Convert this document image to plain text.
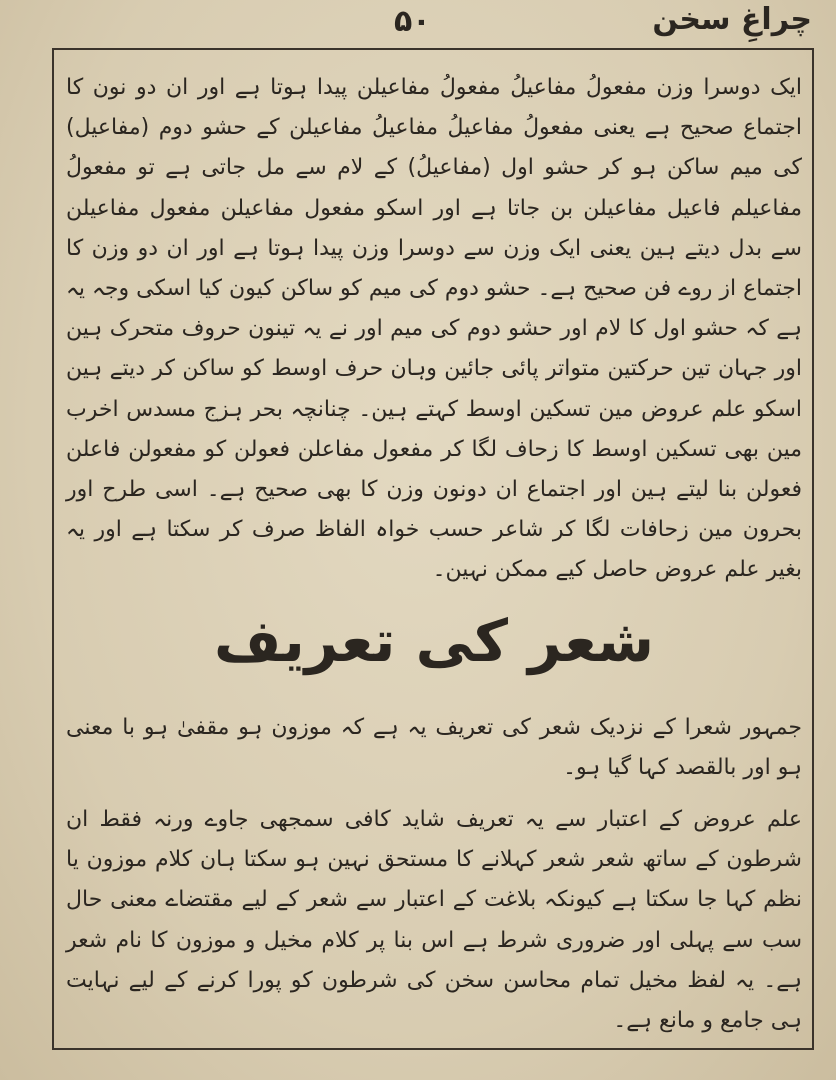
۵۰	چراغِ سخن

ایک دوسرا وزن مفعولُ مفاعیلُ مفعولُ مفاعیلن پیدا ہوتا ہے اور ان دو نون کا اجتماع صحیح ہے یعنی مفعولُ مفاعیلُ مفاعیلُ مفاعیلن کے حشو دوم (مفاعیل) کی میم ساکن ہو کر حشو اول (مفاعیلُ) کے لام سے مل جاتی ہے تو مفعولُ مفاعیلم فاعیل مفاعیلن بن جاتا ہے اور اسکو مفعول مفاعیلن مفعول مفاعیلن سے بدل دیتے ہین یعنی ایک وزن سے دوسرا وزن پیدا ہوتا ہے اور ان دو وزن کا اجتماع از روے فن صحیح ہے۔ حشو دوم کی میم کو ساکن کیون کیا اسکی وجہ یہ ہے کہ حشو اول کا لام اور حشو دوم کی میم اور نے یہ تینون حروف متحرک ہین اور جہان تین حرکتین متواتر پائی جائین وہان حرف اوسط کو ساکن کر دیتے ہین اسکو علم عروض مین تسکین اوسط کہتے ہین۔ چنانچہ بحر ہزج مسدس اخرب مین بھی تسکین اوسط کا زحاف لگا کر مفعول مفاعلن فعولن کو مفعولن فاعلن فعولن بنا لیتے ہین اور اجتماع ان دونون وزن کا بھی صحیح ہے۔ اسی طرح اور بحرون مین زحافات لگا کر شاعر حسب خواہ الفاظ صرف کر سکتا ہے اور یہ بغیر علم عروض حاصل کیے ممکن نہین۔

شعر کی تعریف

جمہور شعرا کے نزدیک شعر کی تعریف یہ ہے کہ موزون ہو مقفیٰ ہو با معنی ہو اور بالقصد کہا گیا ہو۔

علم عروض کے اعتبار سے یہ تعریف شاید کافی سمجھی جاوے ورنہ فقط ان شرطون کے ساتھ شعر شعر کہلانے کا مستحق نہین ہو سکتا ہان کلام موزون یا نظم کہا جا سکتا ہے کیونکہ بلاغت کے اعتبار سے شعر کے لیے مقتضاے معنی حال سب سے پہلی اور ضروری شرط ہے اس بنا پر کلام مخیل و موزون کا نام شعر ہے۔ یہ لفظ مخیل تمام محاسن سخن کی شرطون کو پورا کرنے کے لیے نہایت ہی جامع و مانع ہے۔
